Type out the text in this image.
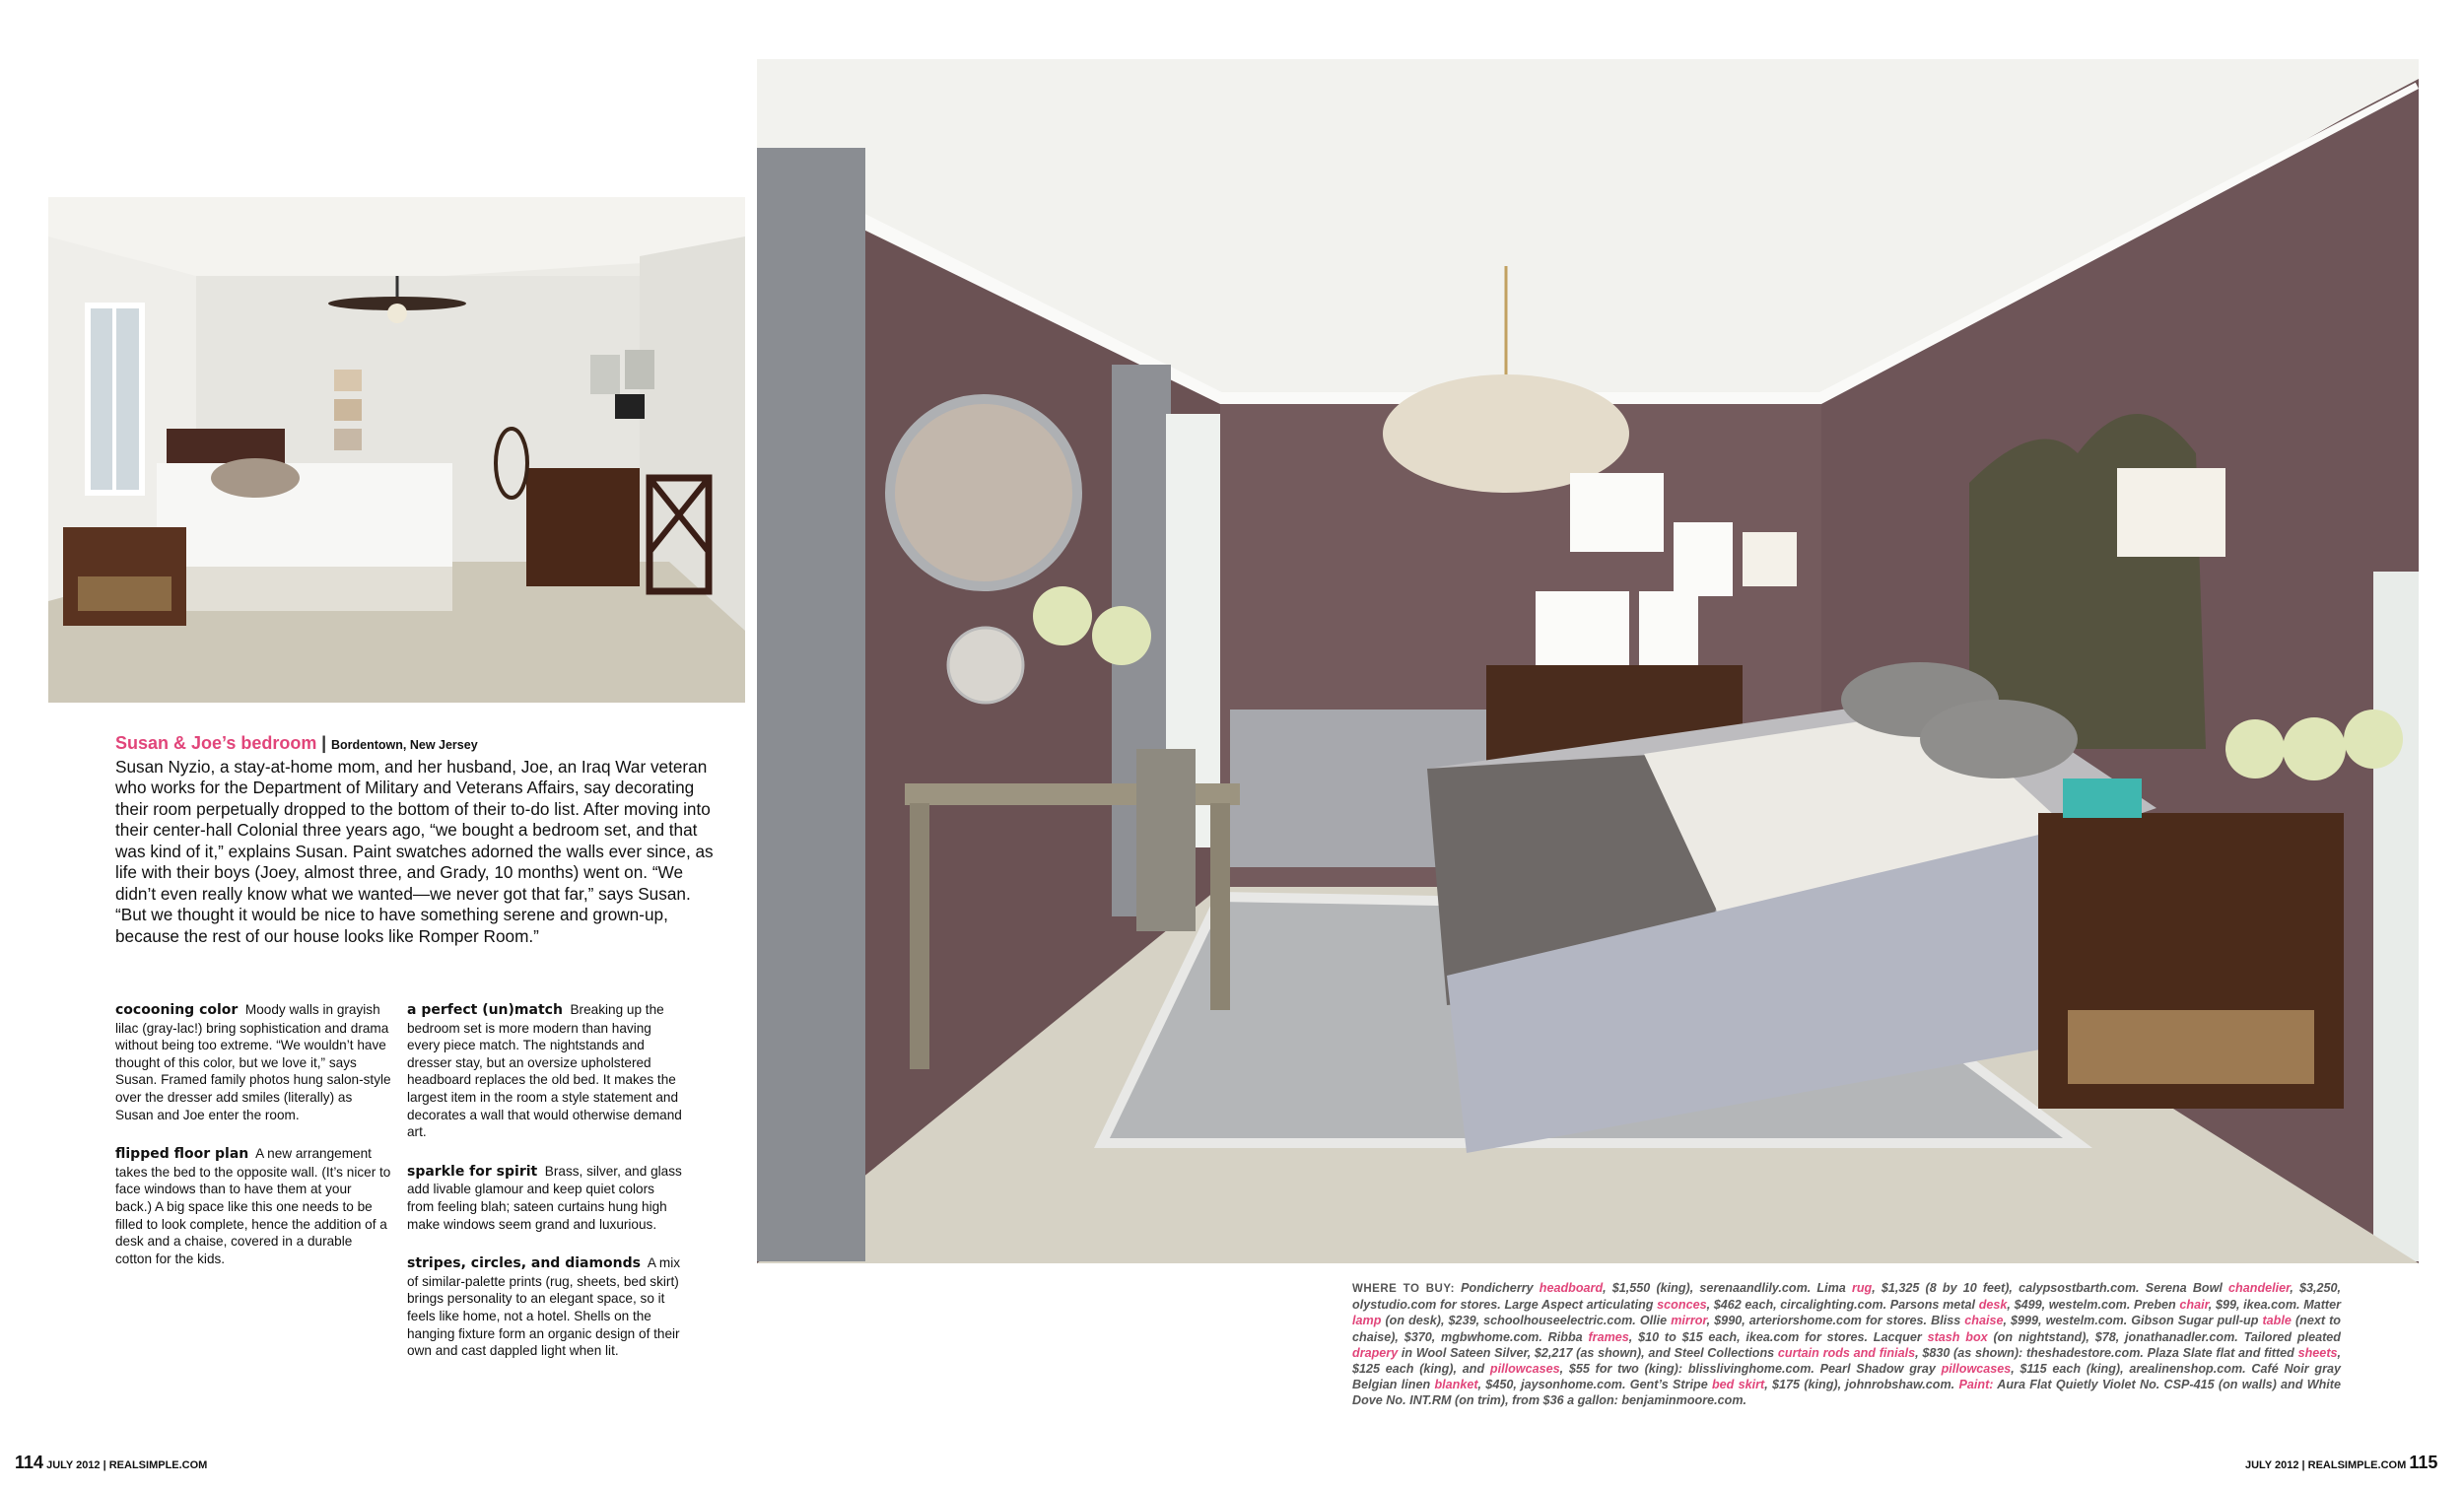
Susan & Joe’s bedroom | Bordentown, New Jersey
Susan Nyzio, a stay-at-home mom, and her husband, Joe, an Iraq War veteran who works for the Department of Military and Veterans Affairs, say decorating their room perpetually dropped to the bottom of their to-do list. After moving into their center-hall Colonial three years ago, “we bought a bedroom set, and that was kind of it,” explains Susan. Paint swatches adorned the walls ever since, as life with their boys (Joey, almost three, and Grady, 10 months) went on. “We didn’t even really know what we wanted—we never got that far,” says Susan. “But we thought it would be nice to have something serene and grown-up, because the rest of our house looks like Romper Room.”

cocooning color Moody walls in grayish lilac (gray-lac!) bring sophistication and drama without being too extreme. “We wouldn’t have thought of this color, but we love it,” says Susan. Framed family photos hung salon-style over the dresser add smiles (literally) as Susan and Joe enter the room.

flipped floor plan A new arrangement takes the bed to the opposite wall. (It’s nicer to face windows than to have them at your back.) A big space like this one needs to be filled to look complete, hence the addition of a desk and a chaise, covered in a durable cotton for the kids.

a perfect (un)match Breaking up the bedroom set is more modern than having every piece match. The nightstands and dresser stay, but an oversize upholstered headboard replaces the old bed. It makes the largest item in the room a style statement and decorates a wall that would otherwise demand art.

sparkle for spirit Brass, silver, and glass add livable glamour and keep quiet colors from feeling blah; sateen curtains hung high make windows seem grand and luxurious.

stripes, circles, and diamonds A mix of similar-palette prints (rug, sheets, bed skirt) brings personality to an elegant space, so it feels like home, not a hotel. Shells on the hanging fixture form an organic design of their own and cast dappled light when lit.

WHERE TO BUY: Pondicherry headboard, $1,550 (king), serenaandlily.com. Lima rug, $1,325 (8 by 10 feet), calypsostbarth.com. Serena Bowl chandelier, $3,250, olystudio.com for stores. Large Aspect articulating sconces, $462 each, circalighting.com. Parsons metal desk, $499, westelm.com. Preben chair, $99, ikea.com. Matter lamp (on desk), $239, schoolhouseelectric.com. Ollie mirror, $990, arteriorshome.com for stores. Bliss chaise, $999, westelm.com. Gibson Sugar pull-up table (next to chaise), $370, mgbwhome.com. Ribba frames, $10 to $15 each, ikea.com for stores. Lacquer stash box (on nightstand), $78, jonathanadler.com. Tailored pleated drapery in Wool Sateen Silver, $2,217 (as shown), and Steel Collections curtain rods and finials, $830 (as shown): theshadestore.com. Plaza Slate flat and fitted sheets, $125 each (king), and pillowcases, $55 for two (king): blisslivinghome.com. Pearl Shadow gray pillowcases, $115 each (king), arealinenshop.com. Café Noir gray Belgian linen blanket, $450, jaysonhome.com. Gent’s Stripe bed skirt, $175 (king), johnrobshaw.com. Paint: Aura Flat Quietly Violet No. CSP-415 (on walls) and White Dove No. INT.RM (on trim), from $36 a gallon: benjaminmoore.com.
114 JULY 2012 | REALSIMPLE.COM	JULY 2012 | REALSIMPLE.COM 115
